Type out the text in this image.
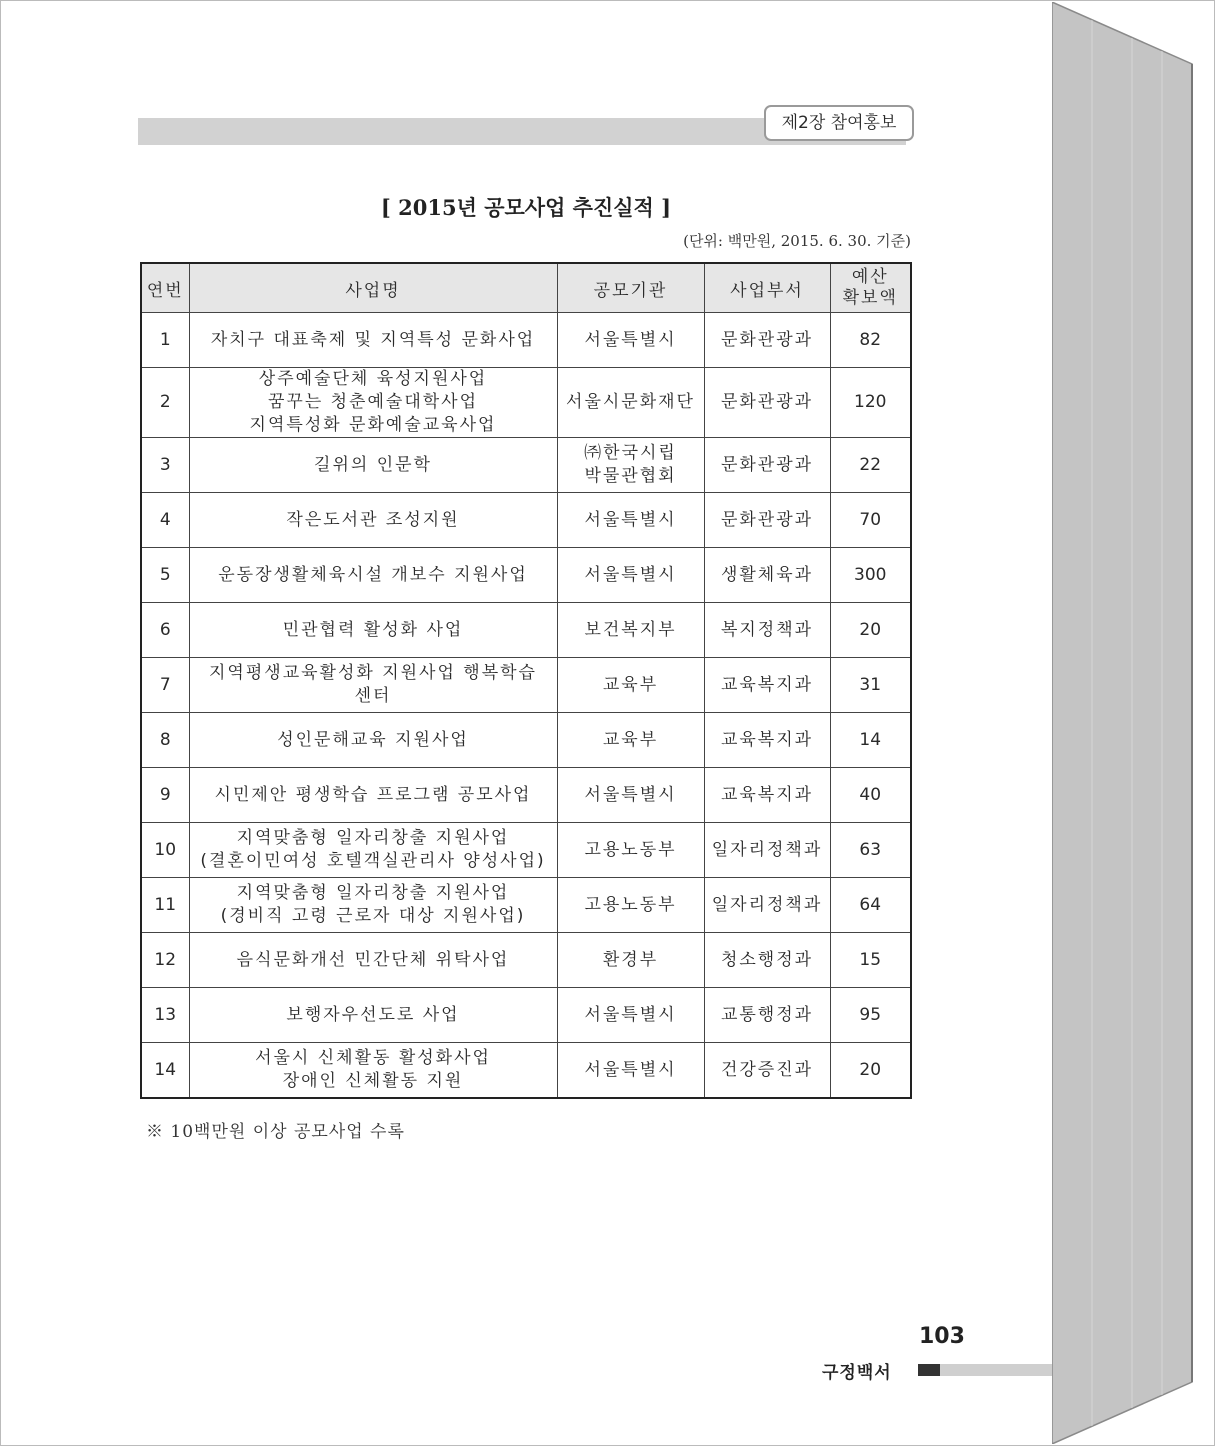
제2장 참여홍보
[ 2015년 공모사업 추진실적 ]
(단위: 백만원, 2015. 6. 30. 기준)
연번	사업명	공모기관	사업부서	예산
확보액

1	자치구 대표축제 및 지역특성 문화사업	서울특별시	문화관광과	82
2	상주예술단체 육성지원사업
꿈꾸는 청춘예술대학사업
지역특성화 문화예술교육사업	서울시문화재단	문화관광과	120
3	길위의 인문학	㈜한국시립
박물관협회	문화관광과	22
4	작은도서관 조성지원	서울특별시	문화관광과	70
5	운동장생활체육시설 개보수 지원사업	서울특별시	생활체육과	300
6	민관협력 활성화 사업	보건복지부	복지정책과	20
7	지역평생교육활성화 지원사업 행복학습
센터	교육부	교육복지과	31
8	성인문해교육 지원사업	교육부	교육복지과	14
9	시민제안 평생학습 프로그램 공모사업	서울특별시	교육복지과	40
10	지역맞춤형 일자리창출 지원사업
(결혼이민여성 호텔객실관리사 양성사업)	고용노동부	일자리정책과	63
11	지역맞춤형 일자리창출 지원사업
(경비직 고령 근로자 대상 지원사업)	고용노동부	일자리정책과	64
12	음식문화개선 민간단체 위탁사업	환경부	청소행정과	15
13	보행자우선도로 사업	서울특별시	교통행정과	95
14	서울시 신체활동 활성화사업
장애인 신체활동 지원	서울특별시	건강증진과	20
※ 10백만원 이상 공모사업 수록
103
구정백서
